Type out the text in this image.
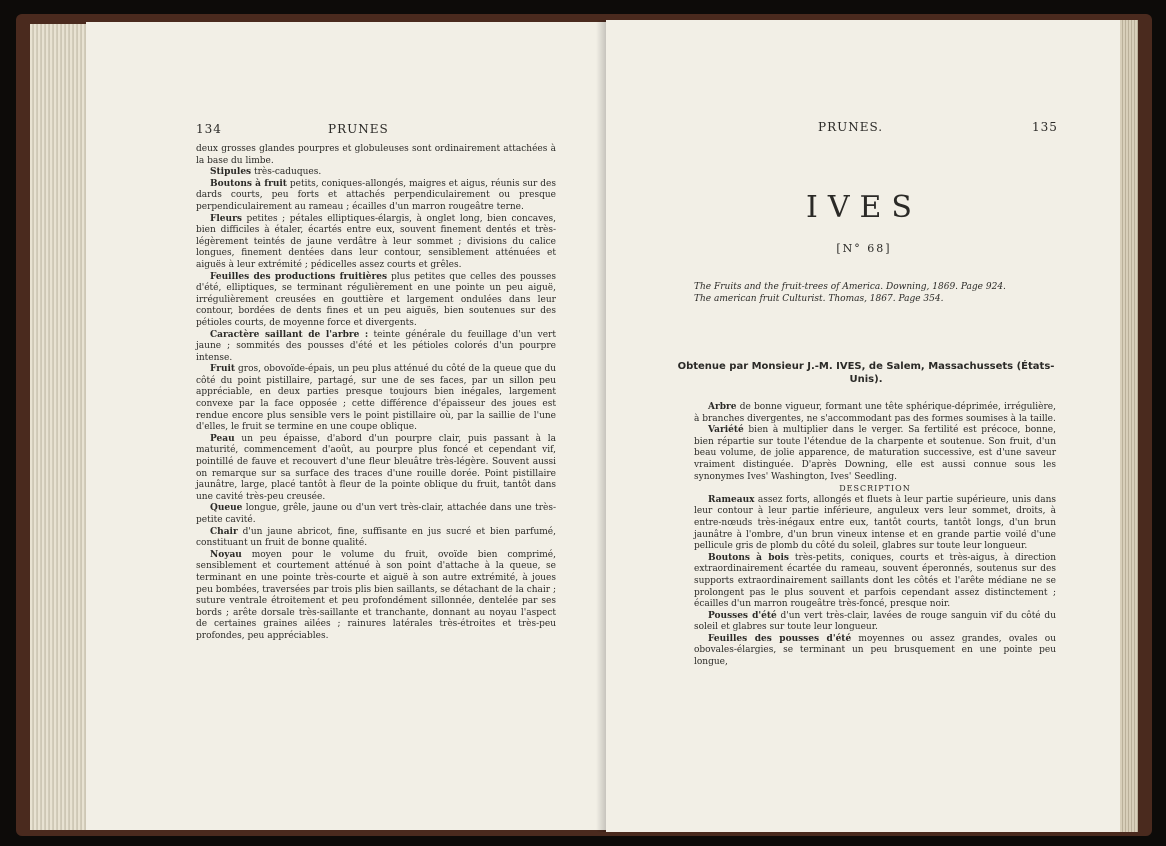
134	PRUNES

deux grosses glandes pourpres et globuleuses sont ordinairement attachées à la base du limbe.

Stipules très-caduques.

Boutons à fruit petits, coniques-allongés, maigres et aigus, réunis sur des dards courts, peu forts et attachés perpendiculairement ou presque perpendiculairement au rameau ; écailles d'un marron rougeâtre terne.

Fleurs petites ; pétales elliptiques-élargis, à onglet long, bien concaves, bien difficiles à étaler, écartés entre eux, souvent finement dentés et très-légèrement teintés de jaune verdâtre à leur sommet ; divisions du calice longues, finement dentées dans leur contour, sensiblement atténuées et aiguës à leur extrémité ; pédicelles assez courts et grêles.

Feuilles des productions fruitières plus petites que celles des pousses d'été, elliptiques, se terminant régulièrement en une pointe un peu aiguë, irrégulièrement creusées en gouttière et largement ondulées dans leur contour, bordées de dents fines et un peu aiguës, bien soutenues sur des pétioles courts, de moyenne force et divergents.

Caractère saillant de l'arbre : teinte générale du feuillage d'un vert jaune ; sommités des pousses d'été et les pétioles colorés d'un pourpre intense.

Fruit gros, obovoïde-épais, un peu plus atténué du côté de la queue que du côté du point pistillaire, partagé, sur une de ses faces, par un sillon peu appréciable, en deux parties presque toujours bien inégales, largement convexe par la face opposée ; cette différence d'épaisseur des joues est rendue encore plus sensible vers le point pistillaire où, par la saillie de l'une d'elles, le fruit se termine en une coupe oblique.

Peau un peu épaisse, d'abord d'un pourpre clair, puis passant à la maturité, commencement d'août, au pourpre plus foncé et cependant vif, pointillé de fauve et recouvert d'une fleur bleuâtre très-légère. Souvent aussi on remarque sur sa surface des traces d'une rouille dorée. Point pistillaire jaunâtre, large, placé tantôt à fleur de la pointe oblique du fruit, tantôt dans une cavité très-peu creusée.

Queue longue, grêle, jaune ou d'un vert très-clair, attachée dans une très-petite cavité.

Chair d'un jaune abricot, fine, suffisante en jus sucré et bien parfumé, constituant un fruit de bonne qualité.

Noyau moyen pour le volume du fruit, ovoïde bien comprimé, sensiblement et courtement atténué à son point d'attache à la queue, se terminant en une pointe très-courte et aiguë à son autre extrémité, à joues peu bombées, traversées par trois plis bien saillants, se détachant de la chair ; suture ventrale étroitement et peu profondément sillonnée, dentelée par ses bords ; arête dorsale très-saillante et tranchante, donnant au noyau l'aspect de certaines graines ailées ; rainures latérales très-étroites et très-peu profondes, peu appréciables.

PRUNES.	135
IVES
[N° 68]
The Fruits and the fruit-trees of America. Downing, 1869. Page 924.
The american fruit Culturist. Thomas, 1867. Page 354.
Obtenue par Monsieur J.-M. IVES, de Salem, Massachussets (États-Unis).

Arbre de bonne vigueur, formant une tête sphérique-déprimée, irrégulière, à branches divergentes, ne s'accommodant pas des formes soumises à la taille.

Variété bien à multiplier dans le verger. Sa fertilité est précoce, bonne, bien répartie sur toute l'étendue de la charpente et soutenue. Son fruit, d'un beau volume, de jolie apparence, de maturation successive, est d'une saveur vraiment distinguée. D'après Downing, elle est aussi connue sous les synonymes Ives' Washington, Ives' Seedling.

DESCRIPTION

Rameaux assez forts, allongés et fluets à leur partie supérieure, unis dans leur contour à leur partie inférieure, anguleux vers leur sommet, droits, à entre-nœuds très-inégaux entre eux, tantôt courts, tantôt longs, d'un brun jaunâtre à l'ombre, d'un brun vineux intense et en grande partie voilé d'une pellicule gris de plomb du côté du soleil, glabres sur toute leur longueur.

Boutons à bois très-petits, coniques, courts et très-aigus, à direction extraordinairement écartée du rameau, souvent éperonnés, soutenus sur des supports extraordinairement saillants dont les côtés et l'arête médiane ne se prolongent pas le plus souvent et parfois cependant assez distinctement ; écailles d'un marron rougeâtre très-foncé, presque noir.

Pousses d'été d'un vert très-clair, lavées de rouge sanguin vif du côté du soleil et glabres sur toute leur longueur.

Feuilles des pousses d'été moyennes ou assez grandes, ovales ou obovales-élargies, se terminant un peu brusquement en une pointe peu longue,
